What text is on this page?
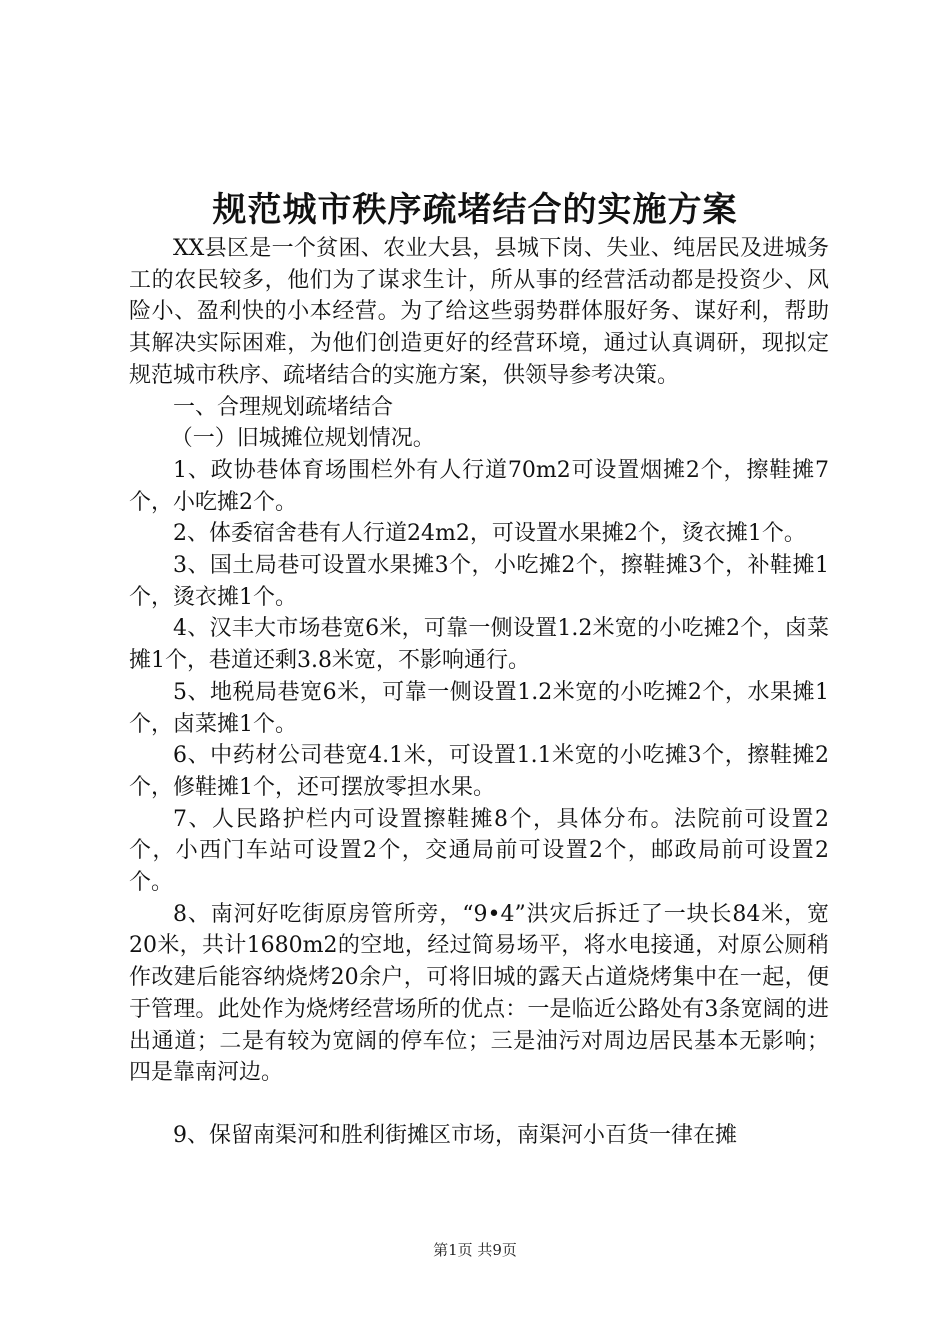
规范城市秩序疏堵结合的实施方案

XX县区是一个贫困、农业大县，县城下岗、失业、纯居民及进城务工的农民较多，他们为了谋求生计，所从事的经营活动都是投资少、风险小、盈利快的小本经营。为了给这些弱势群体服好务、谋好利，帮助其解决实际困难，为他们创造更好的经营环境，通过认真调研，现拟定规范城市秩序、疏堵结合的实施方案，供领导参考决策。

一、合理规划疏堵结合

（一）旧城摊位规划情况。

1、政协巷体育场围栏外有人行道70m2可设置烟摊2个，擦鞋摊7个，小吃摊2个。

2、体委宿舍巷有人行道24m2，可设置水果摊2个，烫衣摊1个。

3、国土局巷可设置水果摊3个，小吃摊2个，擦鞋摊3个，补鞋摊1个，烫衣摊1个。

4、汉丰大市场巷宽6米，可靠一侧设置1.2米宽的小吃摊2个，卤菜摊1个，巷道还剩3.8米宽，不影响通行。

5、地税局巷宽6米，可靠一侧设置1.2米宽的小吃摊2个，水果摊1个，卤菜摊1个。

6、中药材公司巷宽4.1米，可设置1.1米宽的小吃摊3个，擦鞋摊2个，修鞋摊1个，还可摆放零担水果。

7、人民路护栏内可设置擦鞋摊8个，具体分布。法院前可设置2个，小西门车站可设置2个，交通局前可设置2个，邮政局前可设置2个。

8、南河好吃街原房管所旁，“9•4”洪灾后拆迁了一块长84米，宽20米，共计1680m2的空地，经过简易场平，将水电接通，对原公厕稍作改建后能容纳烧烤20余户，可将旧城的露天占道烧烤集中在一起，便于管理。此处作为烧烤经营场所的优点：一是临近公路处有3条宽阔的进出通道；二是有较为宽阔的停车位；三是油污对周边居民基本无影响；四是靠南河边。

9、保留南渠河和胜利街摊区市场，南渠河小百货一律在摊

第1页 共9页
